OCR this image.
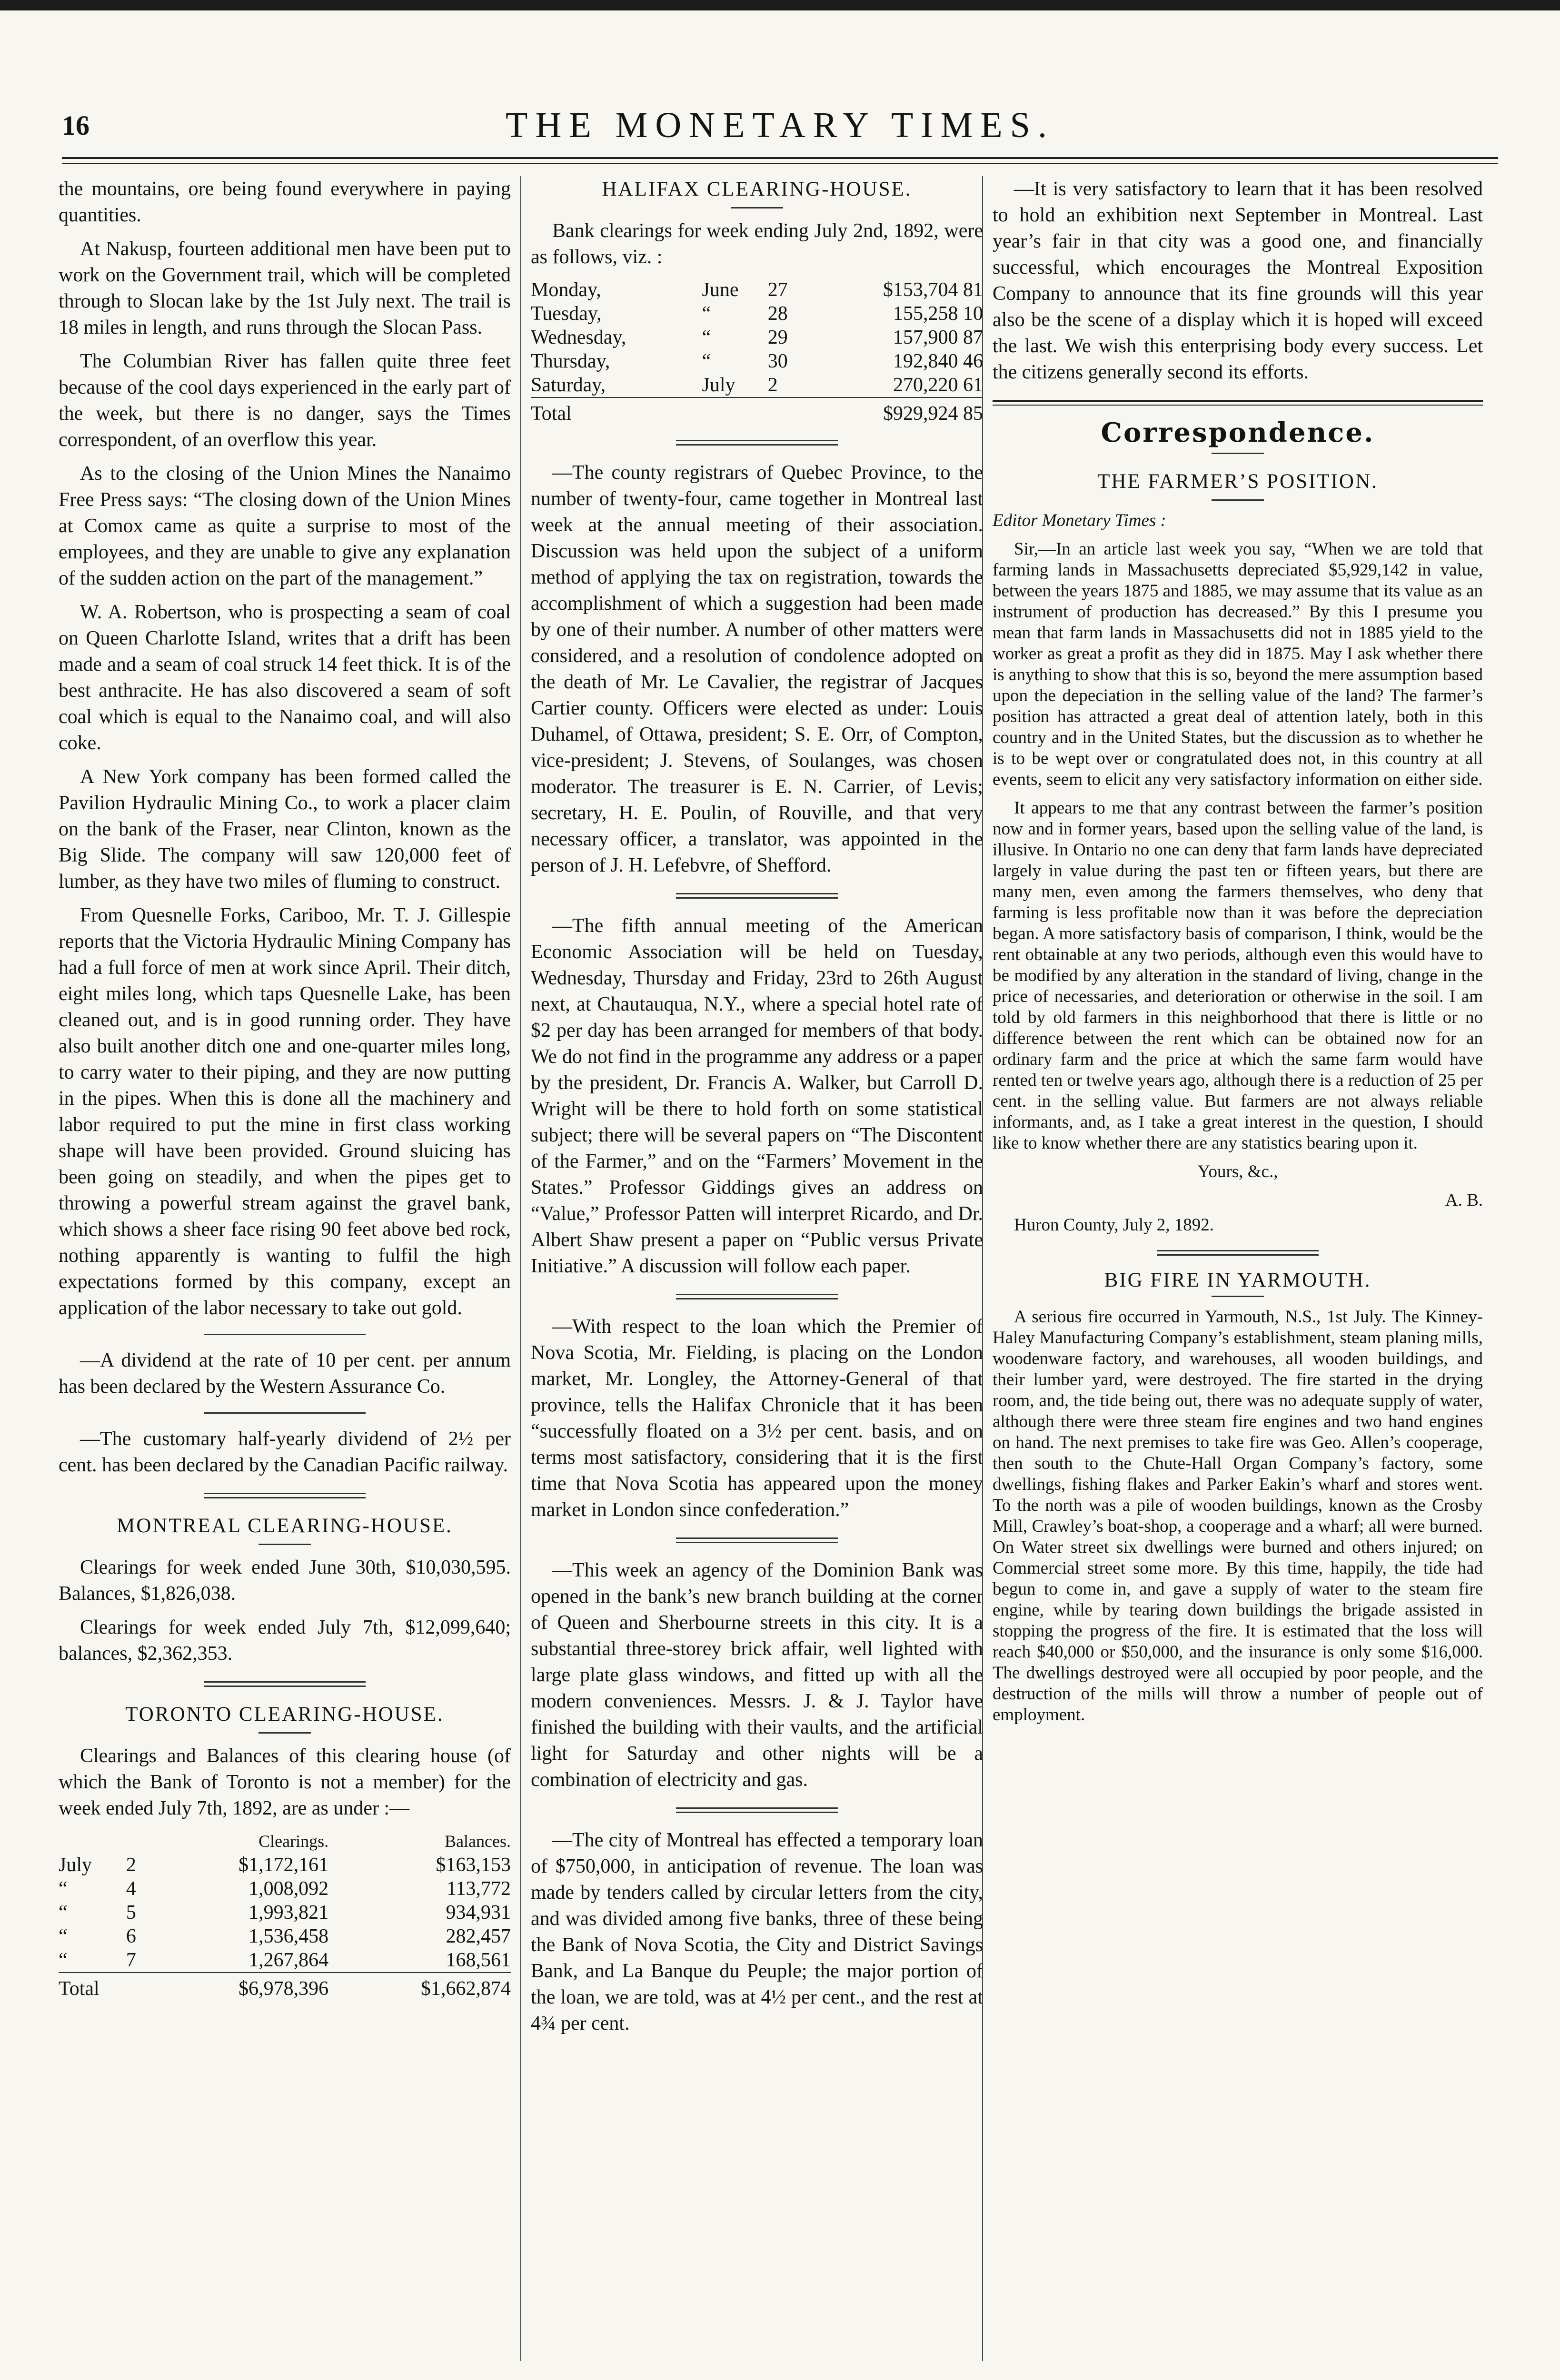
16	THE MONETARY TIMES.

the mountains, ore being found everywhere in paying quantities.

At Nakusp, fourteen additional men have been put to work on the Government trail, which will be completed through to Slocan lake by the 1st July next. The trail is 18 miles in length, and runs through the Slocan Pass.

The Columbian River has fallen quite three feet because of the cool days experienced in the early part of the week, but there is no danger, says the Times correspondent, of an overflow this year.

As to the closing of the Union Mines the Nanaimo Free Press says: “The closing down of the Union Mines at Comox came as quite a surprise to most of the employees, and they are unable to give any explanation of the sudden action on the part of the management.”

W. A. Robertson, who is prospecting a seam of coal on Queen Charlotte Island, writes that a drift has been made and a seam of coal struck 14 feet thick. It is of the best anthracite. He has also discovered a seam of soft coal which is equal to the Nanaimo coal, and will also coke.

A New York company has been formed called the Pavilion Hydraulic Mining Co., to work a placer claim on the bank of the Fraser, near Clinton, known as the Big Slide. The company will saw 120,000 feet of lumber, as they have two miles of fluming to construct.

From Quesnelle Forks, Cariboo, Mr. T. J. Gillespie reports that the Victoria Hydraulic Mining Company has had a full force of men at work since April. Their ditch, eight miles long, which taps Quesnelle Lake, has been cleaned out, and is in good running order. They have also built another ditch one and one-quarter miles long, to carry water to their piping, and they are now putting in the pipes. When this is done all the machinery and labor required to put the mine in first class working shape will have been provided. Ground sluicing has been going on steadily, and when the pipes get to throwing a powerful stream against the gravel bank, which shows a sheer face rising 90 feet above bed rock, nothing apparently is wanting to fulfil the high expectations formed by this company, except an application of the labor necessary to take out gold.

—A dividend at the rate of 10 per cent. per annum has been declared by the Western Assurance Co.

—The customary half-yearly dividend of 2½ per cent. has been declared by the Canadian Pacific railway.

MONTREAL CLEARING-HOUSE.

Clearings for week ended June 30th, $10,030,595. Balances, $1,826,038.

Clearings for week ended July 7th, $12,099,640; balances, $2,362,353.

TORONTO CLEARING-HOUSE.

Clearings and Balances of this clearing house (of which the Bank of Toronto is not a member) for the week ended July 7th, 1892, are as under :—

		Clearings.	Balances.
July	2	$1,172,161	$163,153
“	4	1,008,092	113,772
“	5	1,993,821	934,931
“	6	1,536,458	282,457
“	7	1,267,864	168,561
Total		$6,978,396	$1,662,874
HALIFAX CLEARING-HOUSE.

Bank clearings for week ending July 2nd, 1892, were as follows, viz. :

Monday,	June	27	$153,704 81
Tuesday,	“	28	155,258 10
Wednesday,	“	29	157,900 87
Thursday,	“	30	192,840 46
Saturday,	July	2	270,220 61
Total			$929,924 85

—The county registrars of Quebec Province, to the number of twenty-four, came together in Montreal last week at the annual meeting of their association. Discussion was held upon the subject of a uniform method of applying the tax on registration, towards the accomplishment of which a suggestion had been made by one of their number. A number of other matters were considered, and a resolution of condolence adopted on the death of Mr. Le Cavalier, the registrar of Jacques Cartier county. Officers were elected as under: Louis Duhamel, of Ottawa, president; S. E. Orr, of Compton, vice-president; J. Stevens, of Soulanges, was chosen moderator. The treasurer is E. N. Carrier, of Levis; secretary, H. E. Poulin, of Rouville, and that very necessary officer, a translator, was appointed in the person of J. H. Lefebvre, of Shefford.

—The fifth annual meeting of the American Economic Association will be held on Tuesday, Wednesday, Thursday and Friday, 23rd to 26th August next, at Chautauqua, N.Y., where a special hotel rate of $2 per day has been arranged for members of that body. We do not find in the programme any address or a paper by the president, Dr. Francis A. Walker, but Carroll D. Wright will be there to hold forth on some statistical subject; there will be several papers on “The Discontent of the Farmer,” and on the “Farmers’ Movement in the States.” Professor Giddings gives an address on “Value,” Professor Patten will interpret Ricardo, and Dr. Albert Shaw present a paper on “Public versus Private Initiative.” A discussion will follow each paper.

—With respect to the loan which the Premier of Nova Scotia, Mr. Fielding, is placing on the London market, Mr. Longley, the Attorney-General of that province, tells the Halifax Chronicle that it has been “successfully floated on a 3½ per cent. basis, and on terms most satisfactory, considering that it is the first time that Nova Scotia has appeared upon the money market in London since confederation.”

—This week an agency of the Dominion Bank was opened in the bank’s new branch building at the corner of Queen and Sherbourne streets in this city. It is a substantial three-storey brick affair, well lighted with large plate glass windows, and fitted up with all the modern conveniences. Messrs. J. & J. Taylor have finished the building with their vaults, and the artificial light for Saturday and other nights will be a combination of electricity and gas.

—The city of Montreal has effected a temporary loan of $750,000, in anticipation of revenue. The loan was made by tenders called by circular letters from the city, and was divided among five banks, three of these being the Bank of Nova Scotia, the City and District Savings Bank, and La Banque du Peuple; the major portion of the loan, we are told, was at 4½ per cent., and the rest at 4¾ per cent.

—It is very satisfactory to learn that it has been resolved to hold an exhibition next September in Montreal. Last year’s fair in that city was a good one, and financially successful, which encourages the Montreal Exposition Company to announce that its fine grounds will this year also be the scene of a display which it is hoped will exceed the last. We wish this enterprising body every success. Let the citizens generally second its efforts.

Correspondence.
THE FARMER’S POSITION.

Editor Monetary Times :

Sir,—In an article last week you say, “When we are told that farming lands in Massachusetts depreciated $5,929,142 in value, between the years 1875 and 1885, we may assume that its value as an instrument of production has decreased.” By this I presume you mean that farm lands in Massachusetts did not in 1885 yield to the worker as great a profit as they did in 1875. May I ask whether there is anything to show that this is so, beyond the mere assumption based upon the depeciation in the selling value of the land? The farmer’s position has attracted a great deal of attention lately, both in this country and in the United States, but the discussion as to whether he is to be wept over or congratulated does not, in this country at all events, seem to elicit any very satisfactory information on either side.

It appears to me that any contrast between the farmer’s position now and in former years, based upon the selling value of the land, is illusive. In Ontario no one can deny that farm lands have depreciated largely in value during the past ten or fifteen years, but there are many men, even among the farmers themselves, who deny that farming is less profitable now than it was before the depreciation began. A more satisfactory basis of comparison, I think, would be the rent obtainable at any two periods, although even this would have to be modified by any alteration in the standard of living, change in the price of necessaries, and deterioration or otherwise in the soil. I am told by old farmers in this neighborhood that there is little or no difference between the rent which can be obtained now for an ordinary farm and the price at which the same farm would have rented ten or twelve years ago, although there is a reduction of 25 per cent. in the selling value. But farmers are not always reliable informants, and, as I take a great interest in the question, I should like to know whether there are any statistics bearing upon it.

Yours, &c.,

A. B.

Huron County, July 2, 1892.

BIG FIRE IN YARMOUTH.

A serious fire occurred in Yarmouth, N.S., 1st July. The Kinney-Haley Manufacturing Company’s establishment, steam planing mills, woodenware factory, and warehouses, all wooden buildings, and their lumber yard, were destroyed. The fire started in the drying room, and, the tide being out, there was no adequate supply of water, although there were three steam fire engines and two hand engines on hand. The next premises to take fire was Geo. Allen’s cooperage, then south to the Chute-Hall Organ Company’s factory, some dwellings, fishing flakes and Parker Eakin’s wharf and stores went. To the north was a pile of wooden buildings, known as the Crosby Mill, Crawley’s boat-shop, a cooperage and a wharf; all were burned. On Water street six dwellings were burned and others injured; on Commercial street some more. By this time, happily, the tide had begun to come in, and gave a supply of water to the steam fire engine, while by tearing down buildings the brigade assisted in stopping the progress of the fire. It is estimated that the loss will reach $40,000 or $50,000, and the insurance is only some $16,000. The dwellings destroyed were all occupied by poor people, and the destruction of the mills will throw a number of people out of employment.
